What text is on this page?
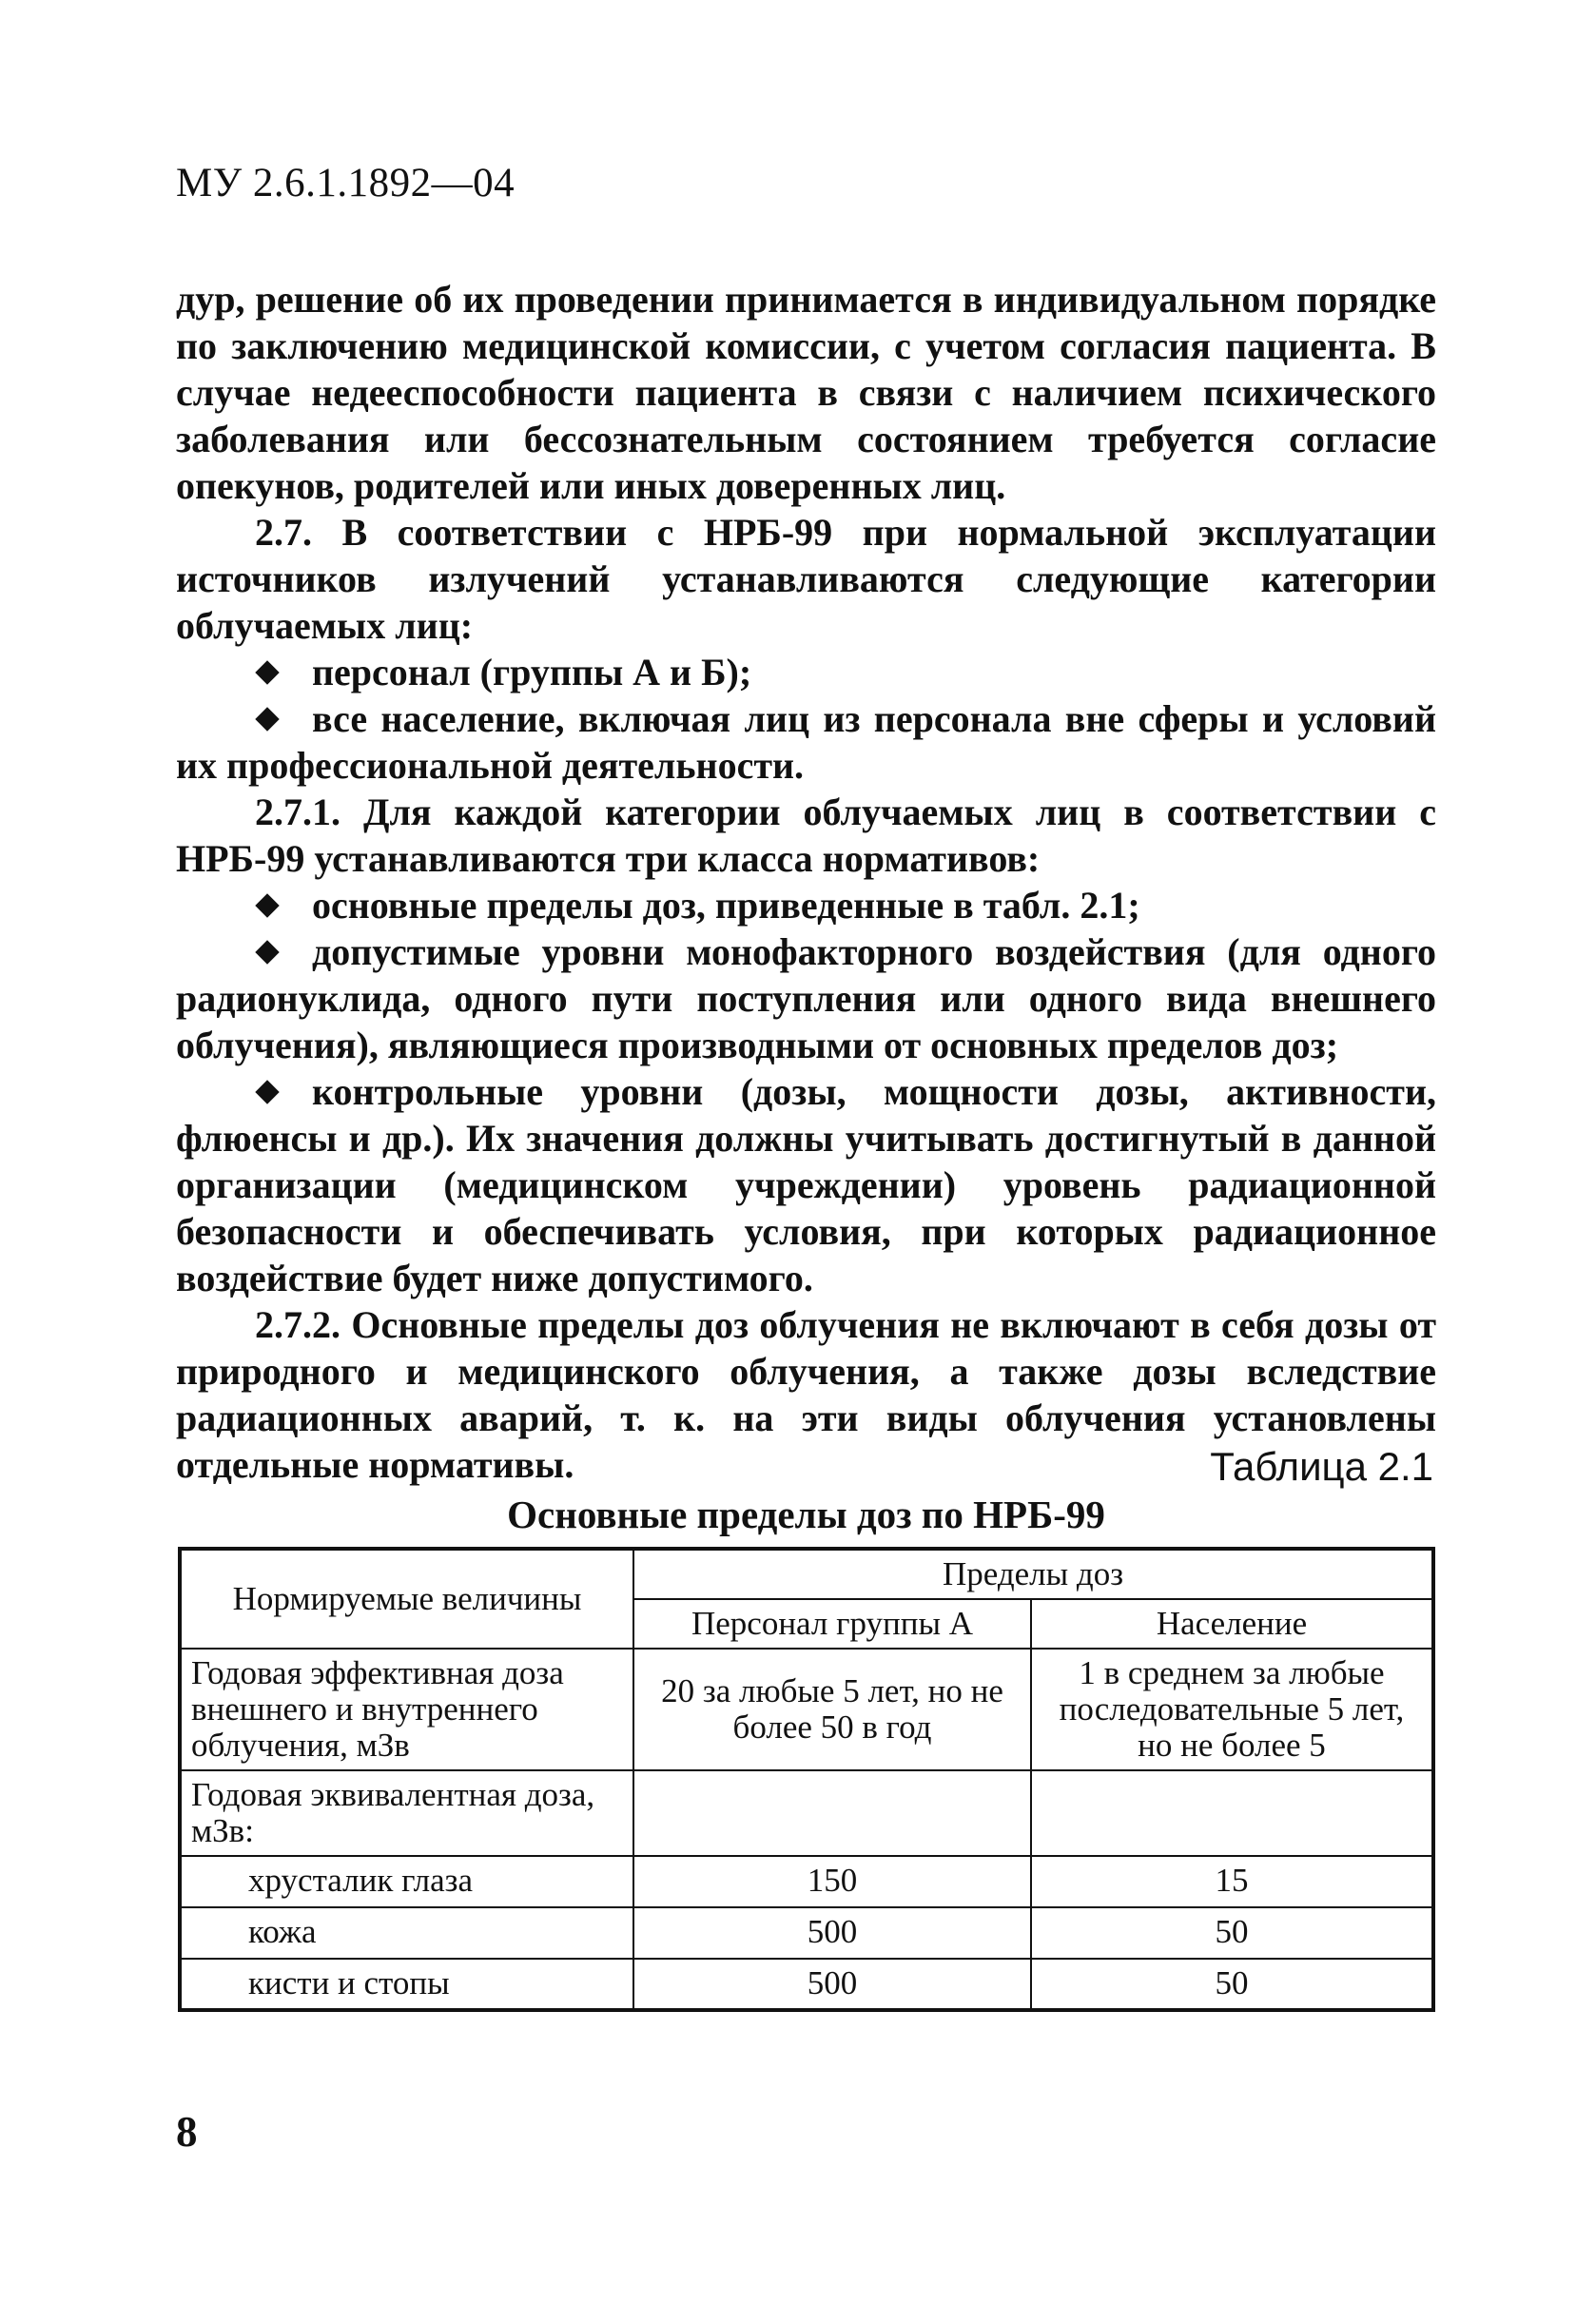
МУ 2.6.1.1892—04

дур, решение об их проведении принимается в индивидуальном порядке по заключению медицинской комиссии, с учетом согласия пациента. В случае недееспособности пациента в связи с наличием психического заболевания или бессознательным состоянием требуется согласие опекунов, родителей или иных доверенных лиц.

2.7. В соответствии с НРБ-99 при нормальной эксплуатации источников излучений устанавливаются следующие категории облучаемых лиц:

персонал (группы А и Б);

все население, включая лиц из персонала вне сферы и условий их профессиональной деятельности.

2.7.1. Для каждой категории облучаемых лиц в соответствии с НРБ-99 устанавливаются три класса нормативов:

основные пределы доз, приведенные в табл. 2.1;

допустимые уровни монофакторного воздействия (для одного радионуклида, одного пути поступления или одного вида внешнего облучения), являющиеся производными от основных пределов доз;

контрольные уровни (дозы, мощности дозы, активности, флюенсы и др.). Их значения должны учитывать достигнутый в данной организации (медицинском учреждении) уровень радиационной безопасности и обеспечивать условия, при которых радиационное воздействие будет ниже допустимого.

2.7.2. Основные пределы доз облучения не включают в себя дозы от природного и медицинского облучения, а также дозы вследствие радиационных аварий, т. к. на эти виды облучения установлены отдельные нормативы.	Таблица 2.1
Основные пределы доз по НРБ-99
Нормируемые величины	Пределы доз	
	Персонал группы А	Население
Годовая эффективная доза внешнего и внутреннего облучения, мЗв	20 за любые 5 лет, но не более 50 в год	1 в среднем за любые последовательные 5 лет, но не более 5
Годовая эквивалентная доза, мЗв:		
хрусталик глаза	150	15
кожа	500	50
кисти и стопы	500	50
8
